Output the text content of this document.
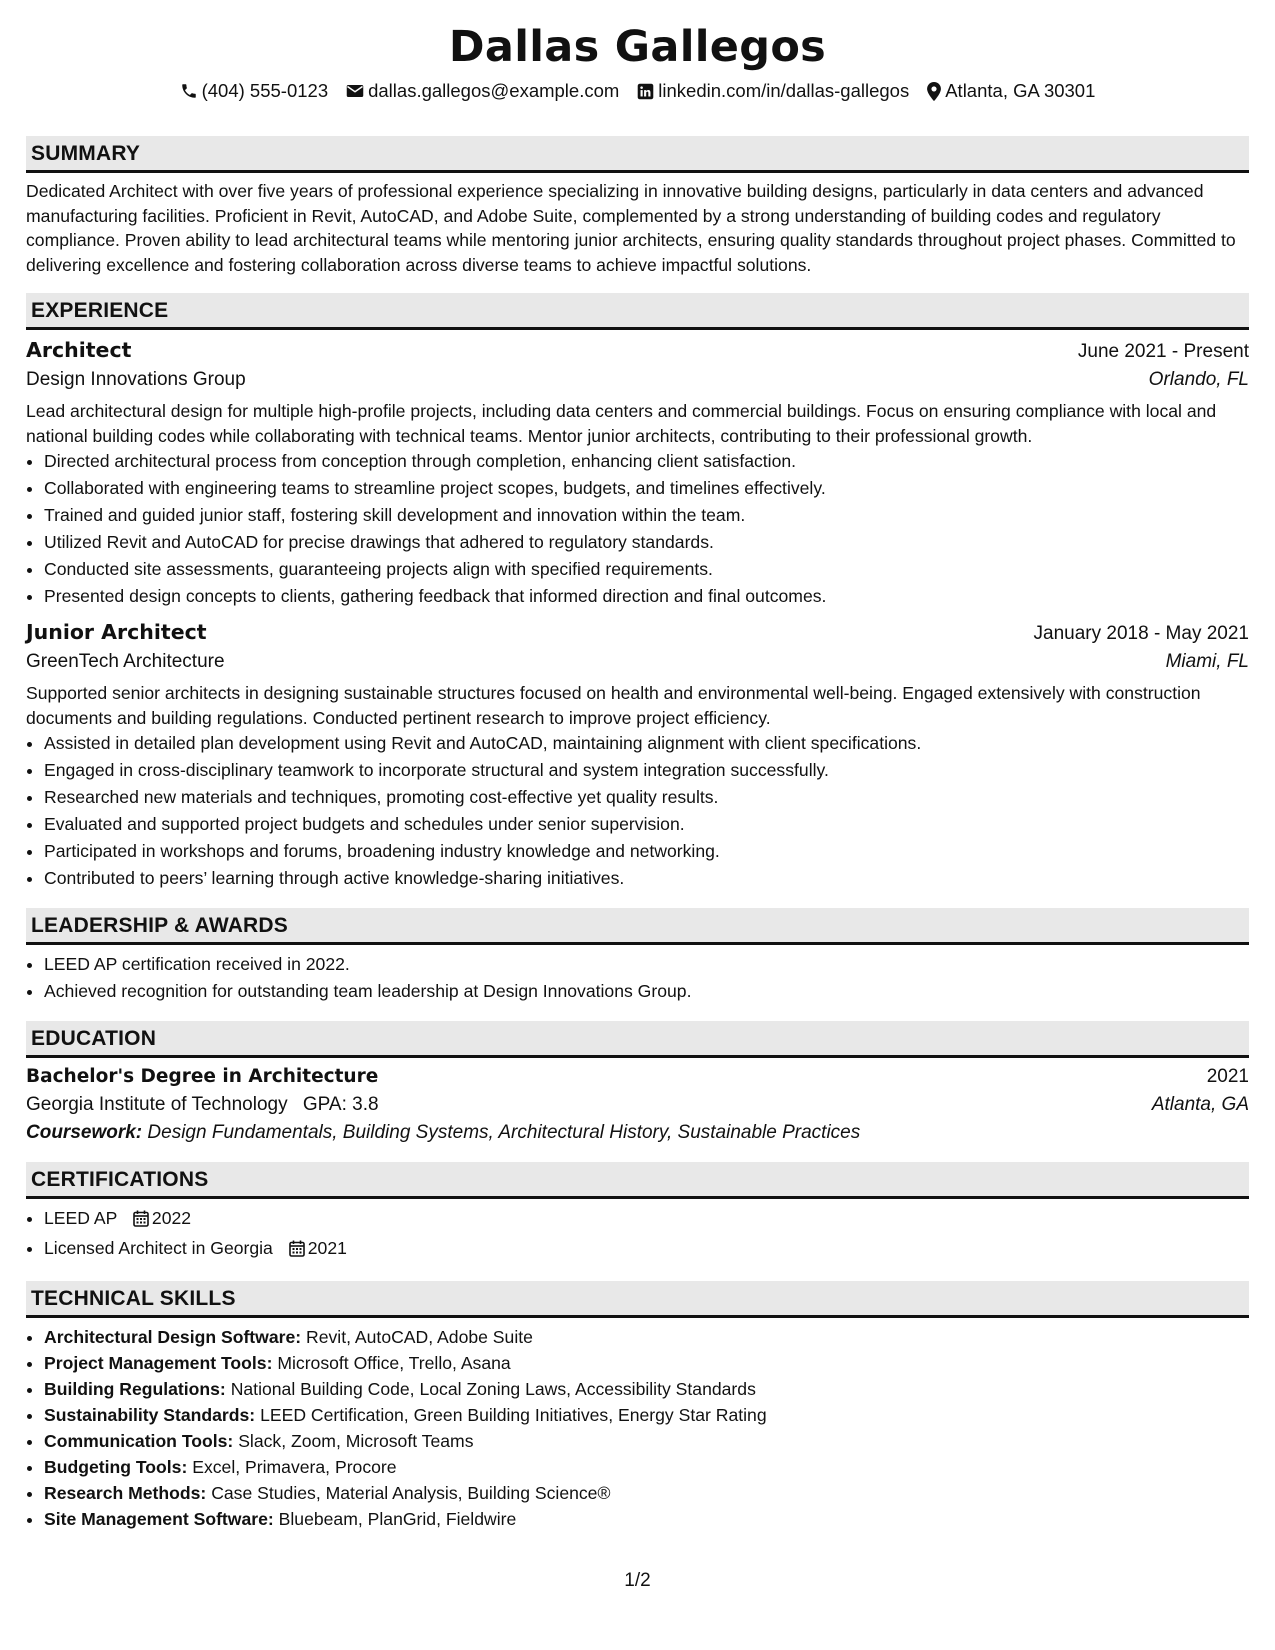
Dallas Gallegos
(404) 555-0123 dallas.gallegos@example.com linkedin.com/in/dallas-gallegos Atlanta, GA 30301
SUMMARY
Dedicated Architect with over five years of professional experience specializing in innovative building designs, particularly in data centers and advanced manufacturing facilities. Proficient in Revit, AutoCAD, and Adobe Suite, complemented by a strong understanding of building codes and regulatory compliance. Proven ability to lead architectural teams while mentoring junior architects, ensuring quality standards throughout project phases. Committed to delivering excellence and fostering collaboration across diverse teams to achieve impactful solutions.
EXPERIENCE
Architect	June 2021 - Present
Design Innovations Group	Orlando, FL
Lead architectural design for multiple high-profile projects, including data centers and commercial buildings. Focus on ensuring compliance with local and national building codes while collaborating with technical teams. Mentor junior architects, contributing to their professional growth.
• Directed architectural process from conception through completion, enhancing client satisfaction.
• Collaborated with engineering teams to streamline project scopes, budgets, and timelines effectively.
• Trained and guided junior staff, fostering skill development and innovation within the team.
• Utilized Revit and AutoCAD for precise drawings that adhered to regulatory standards.
• Conducted site assessments, guaranteeing projects align with specified requirements.
• Presented design concepts to clients, gathering feedback that informed direction and final outcomes.
Junior Architect	January 2018 - May 2021
GreenTech Architecture	Miami, FL
Supported senior architects in designing sustainable structures focused on health and environmental well-being. Engaged extensively with construction documents and building regulations. Conducted pertinent research to improve project efficiency.
• Assisted in detailed plan development using Revit and AutoCAD, maintaining alignment with client specifications.
• Engaged in cross-disciplinary teamwork to incorporate structural and system integration successfully.
• Researched new materials and techniques, promoting cost-effective yet quality results.
• Evaluated and supported project budgets and schedules under senior supervision.
• Participated in workshops and forums, broadening industry knowledge and networking.
• Contributed to peers’ learning through active knowledge-sharing initiatives.
LEADERSHIP & AWARDS
• LEED AP certification received in 2022.
• Achieved recognition for outstanding team leadership at Design Innovations Group.
EDUCATION
Bachelor's Degree in Architecture	2021
Georgia Institute of Technology GPA: 3.8	Atlanta, GA
Coursework: Design Fundamentals, Building Systems, Architectural History, Sustainable Practices
CERTIFICATIONS
• LEED AP 2022
• Licensed Architect in Georgia 2021
TECHNICAL SKILLS
• Architectural Design Software: Revit, AutoCAD, Adobe Suite
• Project Management Tools: Microsoft Office, Trello, Asana
• Building Regulations: National Building Code, Local Zoning Laws, Accessibility Standards
• Sustainability Standards: LEED Certification, Green Building Initiatives, Energy Star Rating
• Communication Tools: Slack, Zoom, Microsoft Teams
• Budgeting Tools: Excel, Primavera, Procore
• Research Methods: Case Studies, Material Analysis, Building Science®
• Site Management Software: Bluebeam, PlanGrid, Fieldwire
1/2
